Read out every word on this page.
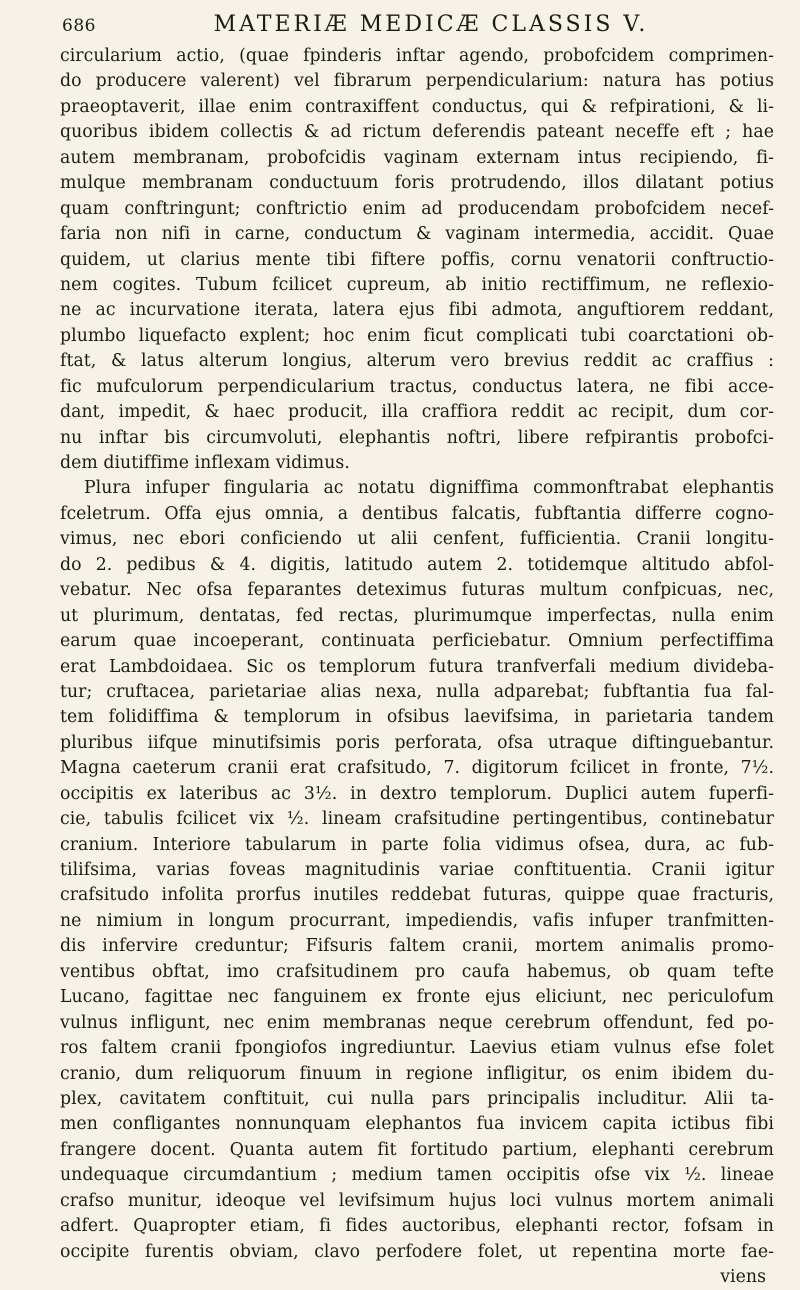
686	MATERIÆ MEDICÆ CLASSIS V.
circularium actio, (quae fpinderis inftar agendo, probofcidem comprimen-
do producere valerent) vel fibrarum perpendicularium: natura has potius
praeoptaverit, illae enim contraxiffent conductus, qui & refpirationi, & li-
quoribus ibidem collectis & ad rictum deferendis pateant neceffe eft ; hae
autem membranam, probofcidis vaginam externam intus recipiendo, fi-
mulque membranam conductuum foris protrudendo, illos dilatant potius
quam conftringunt; conftrictio enim ad producendam probofcidem necef-
faria non nifi in carne, conductum & vaginam intermedia, accidit. Quae
quidem, ut clarius mente tibi fiftere poffis, cornu venatorii conftructio-
nem cogites. Tubum fcilicet cupreum, ab initio rectiffimum, ne reflexio-
ne ac incurvatione iterata, latera ejus fibi admota, anguftiorem reddant,
plumbo liquefacto explent; hoc enim ficut complicati tubi coarctationi ob-
ftat, & latus alterum longius, alterum vero brevius reddit ac craffius :
fic mufculorum perpendicularium tractus, conductus latera, ne fibi acce-
dant, impedit, & haec producit, illa craffiora reddit ac recipit, dum cor-
nu inftar bis circumvoluti, elephantis noftri, libere refpirantis probofci-
dem diutiffime inflexam vidimus.
Plura infuper fingularia ac notatu digniffima commonftrabat elephantis
fceletrum. Offa ejus omnia, a dentibus falcatis, fubftantia differre cogno-
vimus, nec ebori conficiendo ut alii cenfent, fufficientia. Cranii longitu-
do 2. pedibus & 4. digitis, latitudo autem 2. totidemque altitudo abfol-
vebatur. Nec ofsa feparantes deteximus futuras multum confpicuas, nec,
ut plurimum, dentatas, fed rectas, plurimumque imperfectas, nulla enim
earum quae incoeperant, continuata perficiebatur. Omnium perfectiffima
erat Lambdoidaea. Sic os templorum futura tranfverfali medium divideba-
tur; cruftacea, parietariae alias nexa, nulla adparebat; fubftantia fua fal-
tem folidiffima & templorum in ofsibus laevifsima, in parietaria tandem
pluribus iifque minutifsimis poris perforata, ofsa utraque diftinguebantur.
Magna caeterum cranii erat crafsitudo, 7. digitorum fcilicet in fronte, 7½.
occipitis ex lateribus ac 3½. in dextro templorum. Duplici autem fuperfi-
cie, tabulis fcilicet vix ½. lineam crafsitudine pertingentibus, continebatur
cranium. Interiore tabularum in parte folia vidimus ofsea, dura, ac fub-
tilifsima, varias foveas magnitudinis variae conftituentia. Cranii igitur
crafsitudo infolita prorfus inutiles reddebat futuras, quippe quae fracturis,
ne nimium in longum procurrant, impediendis, vafis infuper tranfmitten-
dis infervire creduntur; Fifsuris faltem cranii, mortem animalis promo-
ventibus obftat, imo crafsitudinem pro caufa habemus, ob quam tefte
Lucano, fagittae nec fanguinem ex fronte ejus eliciunt, nec periculofum
vulnus infligunt, nec enim membranas neque cerebrum offendunt, fed po-
ros faltem cranii fpongiofos ingrediuntur. Laevius etiam vulnus efse folet
cranio, dum reliquorum finuum in regione infligitur, os enim ibidem du-
plex, cavitatem conftituit, cui nulla pars principalis includitur. Alii ta-
men confligantes nonnunquam elephantos fua invicem capita ictibus fibi
frangere docent. Quanta autem fit fortitudo partium, elephanti cerebrum
undequaque circumdantium ; medium tamen occipitis ofse vix ½. lineae
crafso munitur, ideoque vel levifsimum hujus loci vulnus mortem animali
adfert. Quapropter etiam, fi fides auctoribus, elephanti rector, fofsam in
occipite furentis obviam, clavo perfodere folet, ut repentina morte fae-
viens
